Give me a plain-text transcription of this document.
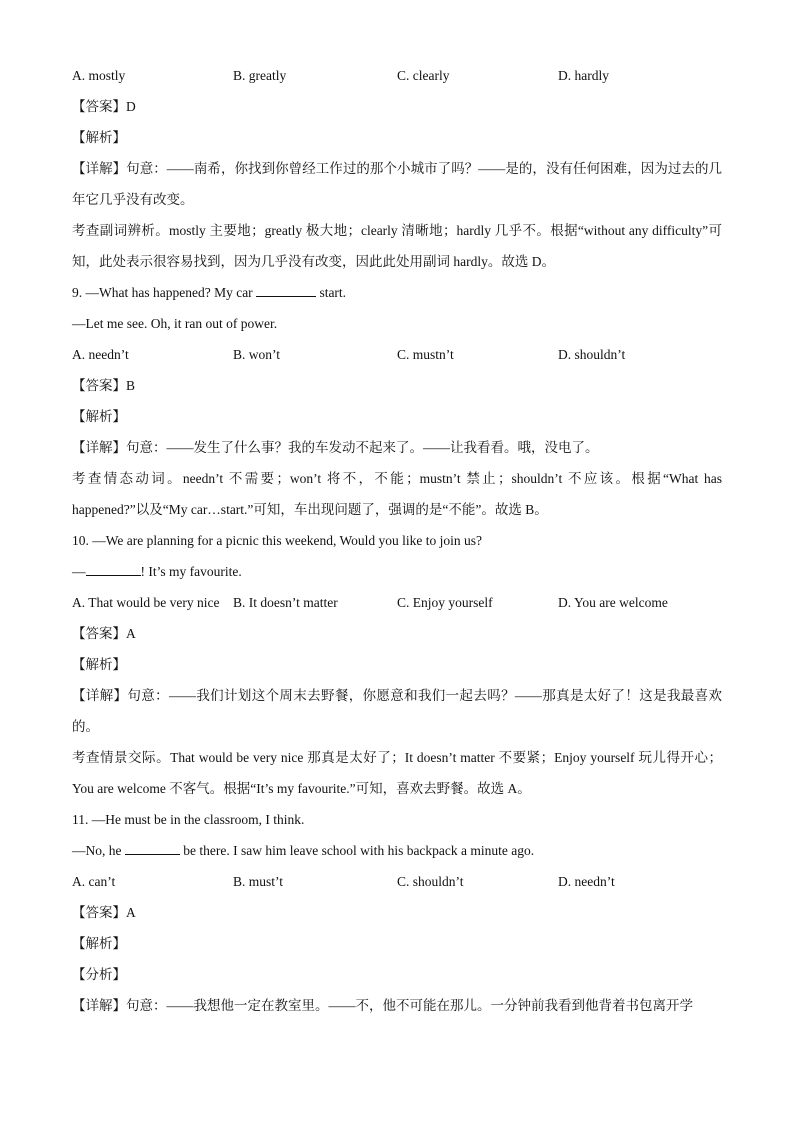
A. mostly	B. greatly	C. clearly	D. hardly
【答案】D
【解析】
【详解】句意：——南希，你找到你曾经工作过的那个小城市了吗？——是的，没有任何困难，因为过去的几年它几乎没有改变。
考查副词辨析。mostly 主要地；greatly 极大地；clearly 清晰地；hardly 几乎不。根据“without any difficulty”可知，此处表示很容易找到，因为几乎没有改变，因此此处用副词 hardly。故选 D。
9. —What has happened? My car	start.
—Let me see. Oh, it ran out of power.
A. needn’t	B. won’t	C. mustn’t	D. shouldn’t
【答案】B
【解析】
【详解】句意：——发生了什么事？我的车发动不起来了。——让我看看。哦，没电了。
考查情态动词。needn’t 不需要；won’t 将不，不能；mustn’t 禁止；shouldn’t 不应该。根据“What has happened?”以及“My car…start.”可知，车出现问题了，强调的是“不能”。故选 B。
10. —We are planning for a picnic this weekend, Would you like to join us?
—	! It’s my favourite.
A. That would be very nice B. It doesn’t matter	C. Enjoy yourself	D. You are welcome
【答案】A
【解析】
【详解】句意：——我们计划这个周末去野餐，你愿意和我们一起去吗？——那真是太好了！这是我最喜欢的。
考查情景交际。That would be very nice 那真是太好了；It doesn’t matter 不要紧；Enjoy yourself 玩儿得开心；You are welcome 不客气。根据“It’s my favourite.”可知，喜欢去野餐。故选 A。
11. —He must be in the classroom, I think.
—No, he	be there. I saw him leave school with his backpack a minute ago.
A. can’t	B. must’t	C. shouldn’t	D. needn’t
【答案】A
【解析】
【分析】
【详解】句意：——我想他一定在教室里。——不，他不可能在那儿。一分钟前我看到他背着书包离开学
